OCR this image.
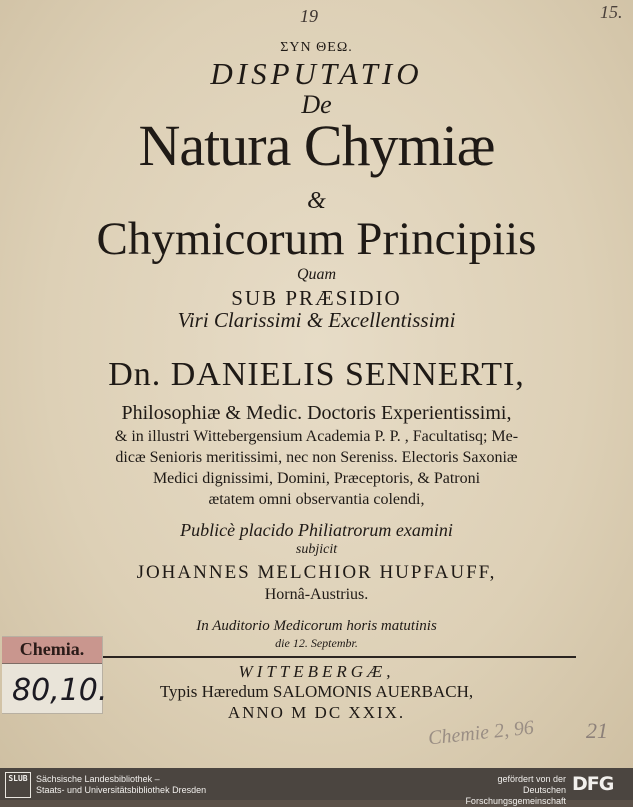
19	15.
ΣΥΝ ΘΕΩ.
DISPUTATIO
De
Natura Chymiæ
&
Chymicorum Principiis
Quam
SUB PRÆSIDIO
Viri Clarissimi & Excellentissimi
Dn. DANIELIS SENNERTI,
Philosophiæ & Medic. Doctoris Experientissimi,
& in illustri Wittebergensium Academia P. P. , Facultatisq; Me-
dicæ Senioris meritissimi, nec non Sereniss. Electoris Saxoniæ
Medici dignissimi, Domini, Præceptoris, & Patroni
ætatem omni observantia colendi,
Publicè placido Philiatrorum examini
subjicit
JOHANNES MELCHIOR HUPFAUFF,
Hornâ-Austrius.
In Auditorio Medicorum horis matutinis
die 12. Septembr.
WITTEBERGÆ,
Typis Hæredum SALOMONIS AUERBACH,
ANNO M DC XXIX.
Chemie 2, 96 21
Chemia.
80,10.
SLUB Sächsische Landesbibliothek –
Staats- und Universitätsbibliothek Dresden
gefördert von der
Deutschen Forschungsgemeinschaft
DFG
